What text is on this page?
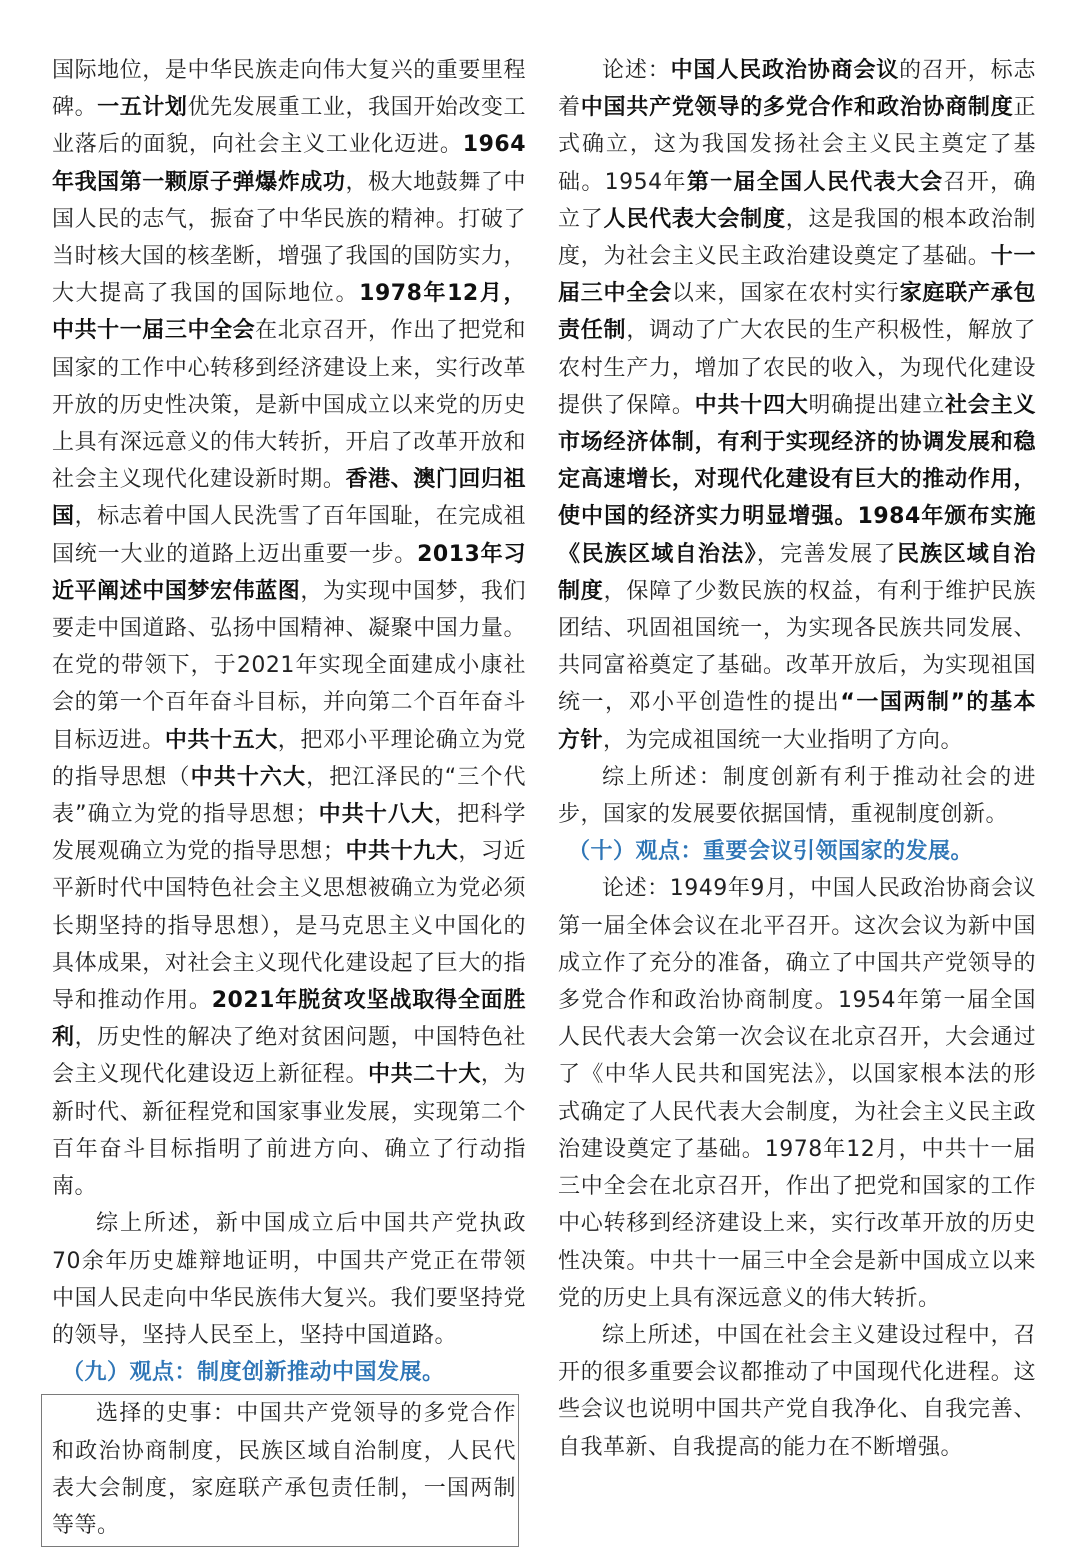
国际地位，是中华民族走向伟大复兴的重要里程碑。一五计划优先发展重工业，我国开始改变工业落后的面貌，向社会主义工业化迈进。1964年我国第一颗原子弹爆炸成功，极大地鼓舞了中国人民的志气，振奋了中华民族的精神。打破了当时核大国的核垄断，增强了我国的国防实力，大大提高了我国的国际地位。1978年12月，中共十一届三中全会在北京召开，作出了把党和国家的工作中心转移到经济建设上来，实行改革开放的历史性决策，是新中国成立以来党的历史上具有深远意义的伟大转折，开启了改革开放和社会主义现代化建设新时期。香港、澳门回归祖国，标志着中国人民洗雪了百年国耻，在完成祖国统一大业的道路上迈出重要一步。2013年习近平阐述中国梦宏伟蓝图，为实现中国梦，我们要走中国道路、弘扬中国精神、凝聚中国力量。在党的带领下，于2021年实现全面建成小康社会的第一个百年奋斗目标，并向第二个百年奋斗目标迈进。中共十五大，把邓小平理论确立为党的指导思想（中共十六大，把江泽民的“三个代表”确立为党的指导思想；中共十八大，把科学发展观确立为党的指导思想；中共十九大，习近平新时代中国特色社会主义思想被确立为党必须长期坚持的指导思想），是马克思主义中国化的具体成果，对社会主义现代化建设起了巨大的指导和推动作用。2021年脱贫攻坚战取得全面胜利，历史性的解决了绝对贫困问题，中国特色社会主义现代化建设迈上新征程。中共二十大，为新时代、新征程党和国家事业发展，实现第二个百年奋斗目标指明了前进方向、确立了行动指南。

综上所述，新中国成立后中国共产党执政70余年历史雄辩地证明，中国共产党正在带领中国人民走向中华民族伟大复兴。我们要坚持党的领导，坚持人民至上，坚持中国道路。

（九）观点：制度创新推动中国发展。

选择的史事：中国共产党领导的多党合作和政治协商制度，民族区域自治制度，人民代表大会制度，家庭联产承包责任制，一国两制等等。

论述：中国人民政治协商会议的召开，标志着中国共产党领导的多党合作和政治协商制度正式确立，这为我国发扬社会主义民主奠定了基础。1954年第一届全国人民代表大会召开，确立了人民代表大会制度，这是我国的根本政治制度，为社会主义民主政治建设奠定了基础。十一届三中全会以来，国家在农村实行家庭联产承包责任制，调动了广大农民的生产积极性，解放了农村生产力，增加了农民的收入，为现代化建设提供了保障。中共十四大明确提出建立社会主义市场经济体制，有利于实现经济的协调发展和稳定高速增长，对现代化建设有巨大的推动作用，使中国的经济实力明显增强。1984年颁布实施《民族区域自治法》，完善发展了民族区域自治制度，保障了少数民族的权益，有利于维护民族团结、巩固祖国统一，为实现各民族共同发展、共同富裕奠定了基础。改革开放后，为实现祖国统一，邓小平创造性的提出“一国两制”的基本方针，为完成祖国统一大业指明了方向。

综上所述：制度创新有利于推动社会的进步，国家的发展要依据国情，重视制度创新。

（十）观点：重要会议引领国家的发展。

论述：1949年9月，中国人民政治协商会议第一届全体会议在北平召开。这次会议为新中国成立作了充分的准备，确立了中国共产党领导的多党合作和政治协商制度。1954年第一届全国人民代表大会第一次会议在北京召开，大会通过了《中华人民共和国宪法》，以国家根本法的形式确定了人民代表大会制度，为社会主义民主政治建设奠定了基础。1978年12月，中共十一届三中全会在北京召开，作出了把党和国家的工作中心转移到经济建设上来，实行改革开放的历史性决策。中共十一届三中全会是新中国成立以来党的历史上具有深远意义的伟大转折。

综上所述，中国在社会主义建设过程中，召开的很多重要会议都推动了中国现代化进程。这些会议也说明中国共产党自我净化、自我完善、自我革新、自我提高的能力在不断增强。
